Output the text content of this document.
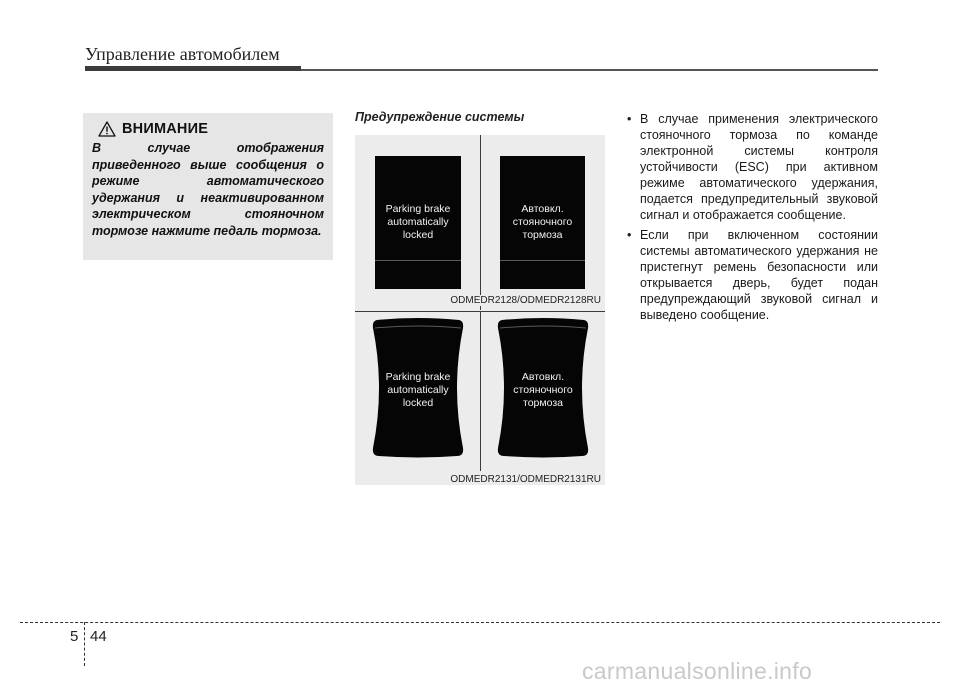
Управление автомобилем
ВНИМАНИЕ
В случае отображения приведенного выше сообщения о режиме автоматического удержания и неактивированном электрическом стояночном тормозе нажмите педаль тормоза.
Предупреждение системы
Parking brake
automatically
locked
Автовкл.
стояночного
тормоза
ODMEDR2128/ODMEDR2128RU
Parking brake
automatically
locked
Автовкл.
стояночного
тормоза
ODMEDR2131/ODMEDR2131RU
• В случае применения электрического стояночного тормоза по команде электронной системы контроля устойчивости (ESC) при активном режиме автоматического удержания, подается предупредительный звуковой сигнал и отображается сообщение.
• Если при включенном состоянии системы автоматического удержания не пристегнут ремень безопасности или открывается дверь, будет подан предупреждающий звуковой сигнал и выведено сообщение.
5 44
carmanualsonline.info
